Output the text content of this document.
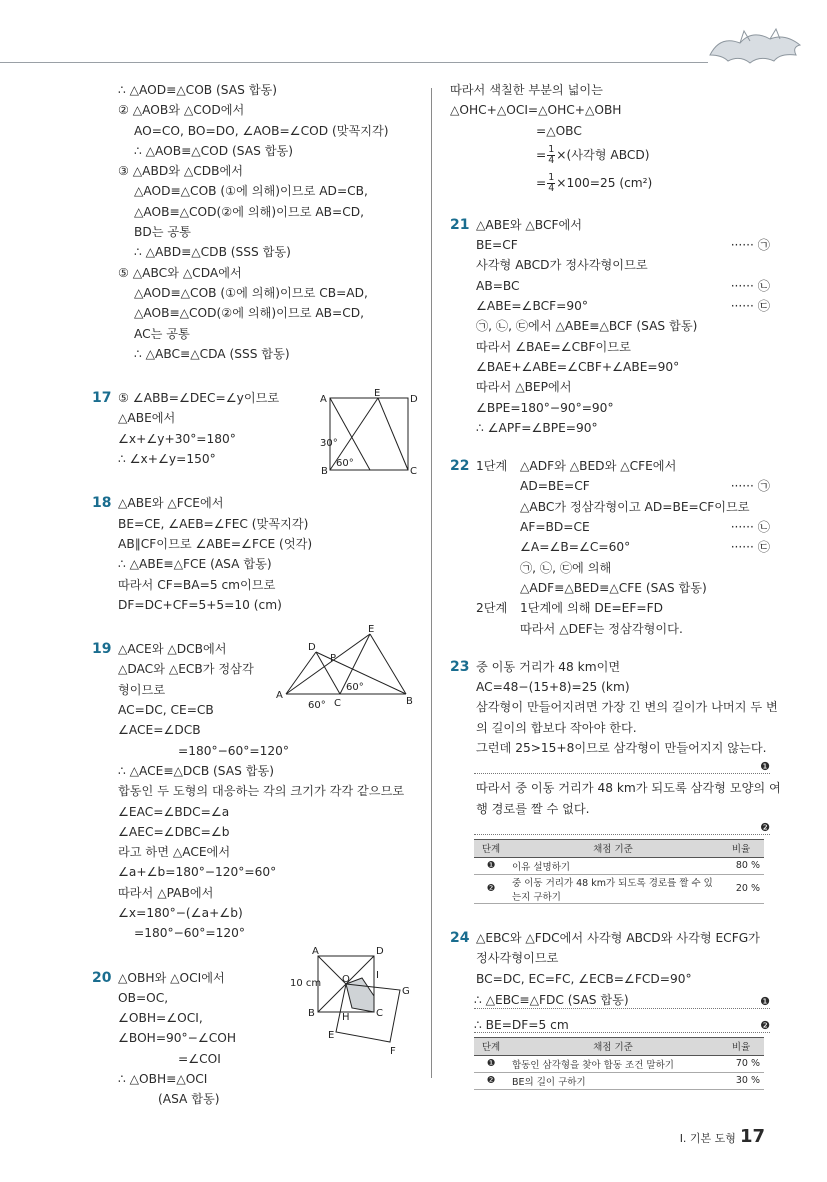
∴ △AOD≡△COB (SAS 합동)
② △AOB와 △COD에서
AO=CO, BO=DO, ∠AOB=∠COD (맞꼭지각)
∴ △AOB≡△COD (SAS 합동)
③ △ABD와 △CDB에서
△AOD≡△COB (①에 의해)이므로 AD=CB,
△AOB≡△COD(②에 의해)이므로 AB=CD,
BD는 공통
∴ △ABD≡△CDB (SSS 합동)
⑤ △ABC와 △CDA에서
△AOD≡△COB (①에 의해)이므로 CB=AD,
△AOB≡△COD(②에 의해)이므로 AB=CD,
AC는 공통
∴ △ABC≡△CDA (SSS 합동)
17 ⑤ ∠ABB=∠DEC=∠y이므로
△ABE에서
∠x+∠y+30°=180°
∴ ∠x+∠y=150°
18 △ABE와 △FCE에서
BE=CE, ∠AEB=∠FEC (맞꼭지각)
AB∥CF이므로 ∠ABE=∠FCE (엇각)
∴ △ABE≡△FCE (ASA 합동)
따라서 CF=BA=5 cm이므로
DF=DC+CF=5+5=10 (cm)
19 △ACE와 △DCB에서
△DAC와 △ECB가 정삼각
형이므로
AC=DC, CE=CB
∠ACE=∠DCB
=180°−60°=120°
∴ △ACE≡△DCB (SAS 합동)
합동인 두 도형의 대응하는 각의 크기가 각각 같으므로
∠EAC=∠BDC=∠a
∠AEC=∠DBC=∠b
라고 하면 △ACE에서
∠a+∠b=180°−120°=60°
따라서 △PAB에서
∠x=180°−(∠a+∠b)
=180°−60°=120°
20 △OBH와 △OCI에서
OB=OC,
∠OBH=∠OCI,
∠BOH=90°−∠COH
=∠COI
∴ △OBH≡△OCI
(ASA 합동)
따라서 색칠한 부분의 넓이는
△OHC+△OCI=△OHC+△OBH
=△OBC
= 1
4 ×(사각형 ABCD)
= 1
4 ×100=25 (cm²)
21 △ABE와 △BCF에서
BE=CF	······ ㉠
사각형 ABCD가 정사각형이므로
AB=BC	······ ㉡
∠ABE=∠BCF=90°	······ ㉢
㉠, ㉡, ㉢에서 △ABE≡△BCF (SAS 합동)
따라서 ∠BAE=∠CBF이므로
∠BAE+∠ABE=∠CBF+∠ABE=90°
따라서 △BEP에서
∠BPE=180°−90°=90°
∴ ∠APF=∠BPE=90°
22 1단계 △ADF와 △BED와 △CFE에서
AD=BE=CF	······ ㉠
△ABC가 정삼각형이고 AD=BE=CF이므로
AF=BD=CE	······ ㉡
∠A=∠B=∠C=60°	······ ㉢
㉠, ㉡, ㉢에 의해
△ADF≡△BED≡△CFE (SAS 합동)
2단계 1단계에 의해 DE=EF=FD
따라서 △DEF는 정삼각형이다.
23 중 이동 거리가 48 km이면
AC=48−(15+8)=25 (km)
삼각형이 만들어지려면 가장 긴 변의 길이가 나머지 두 변
의 길이의 합보다 작아야 한다.
그런데 25>15+8이므로 삼각형이 만들어지지 않는다.
❶
따라서 중 이동 거리가 48 km가 되도록 삼각형 모양의 여
행 경로를 짤 수 없다.
❷
단계	채점 기준	비율
❶	이유 설명하기	80 %
❷	중 이동 거리가 48 km가 되도록 경로를 짤 수 있는지 구하기	20 %
24 △EBC와 △FDC에서 사각형 ABCD와 사각형 ECFG가
정사각형이므로
BC=DC, EC=FC, ∠ECB=∠FCD=90°
∴ △EBC≡△FDC (SAS 합동)	❶
∴ BE=DF=5 cm	❷
단계	채점 기준	비율
❶	합동인 삼각형을 찾아 합동 조건 말하기	70 %
❷	BE의 길이 구하기	30 %
A
E
D
B	C
60°
30°
A
D
E
B
C
P
60°
60°
A	D
B	C
O	I
G
H
E
F
10 cm
Ⅰ. 기본 도형 17
